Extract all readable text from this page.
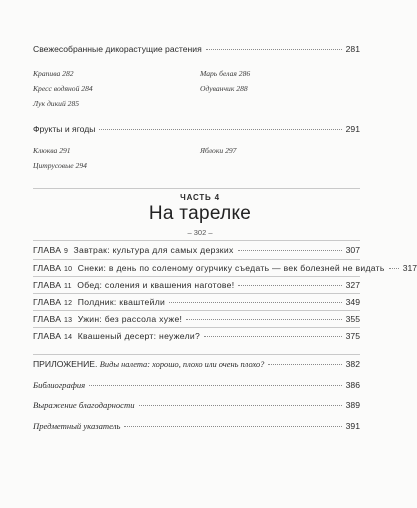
Свежесобранные дикорастущие растения	281
Крапива 282	Марь белая 286
Кресс водяной 284	Одуванчик 288
Лук дикий 285
Фрукты и ягоды	291
Клюква 291	Яблоки 297
Цитрусовые 294
ЧАСТЬ 4
На тарелке
– 302 –
ГЛАВА 9 Завтрак: культура для самых дерзких	307
ГЛАВА 10 Снеки: в день по соленому огурчику съедать — век болезней не видать 317
ГЛАВА 11 Обед: соления и квашения наготове!	327
ГЛАВА 12 Полдник: кваштейли	349
ГЛАВА 13 Ужин: без рассола хуже!	355
ГЛАВА 14 Квашеный десерт: неужели?	375
ПРИЛОЖЕНИЕ. Виды налета: хорошо, плохо или очень плохо?	382
Библиография	386
Выражение благодарности	389
Предметный указатель	391
